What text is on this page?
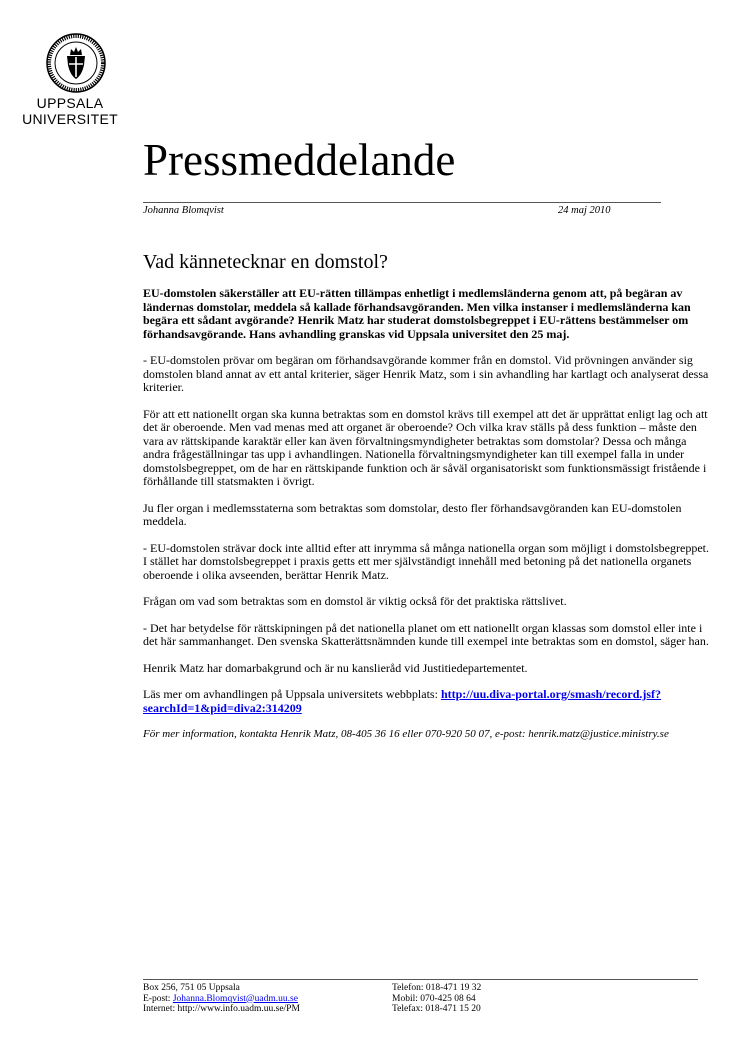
UPPSALA
UNIVERSITET
Pressmeddelande
Johanna Blomqvist	24 maj 2010
Vad kännetecknar en domstol?

EU-domstolen säkerställer att EU-rätten tillämpas enhetligt i medlemsländerna genom att, på begäran av ländernas domstolar, meddela så kallade förhandsavgöranden. Men vilka instanser i medlemsländerna kan begära ett sådant avgörande? Henrik Matz har studerat domstolsbegreppet i EU-rättens bestämmelser om förhandsavgörande. Hans avhandling granskas vid Uppsala universitet den 25 maj.

- EU-domstolen prövar om begäran om förhandsavgörande kommer från en domstol. Vid prövningen använder sig domstolen bland annat av ett antal kriterier, säger Henrik Matz, som i sin avhandling har kartlagt och analyserat dessa kriterier.

För att ett nationellt organ ska kunna betraktas som en domstol krävs till exempel att det är upprättat enligt lag och att det är oberoende. Men vad menas med att organet är oberoende? Och vilka krav ställs på dess funktion – måste den vara av rättskipande karaktär eller kan även förvaltningsmyndigheter betraktas som domstolar? Dessa och många andra frågeställningar tas upp i avhandlingen. Nationella förvaltningsmyndigheter kan till exempel falla in under domstolsbegreppet, om de har en rättskipande funktion och är såväl organisatoriskt som funktionsmässigt fristående i förhållande till statsmakten i övrigt.

Ju fler organ i medlemsstaterna som betraktas som domstolar, desto fler förhandsavgöranden kan EU-domstolen meddela.

- EU-domstolen strävar dock inte alltid efter att inrymma så många nationella organ som möjligt i domstolsbegreppet. I stället har domstolsbegreppet i praxis getts ett mer självständigt innehåll med betoning på det nationella organets oberoende i olika avseenden, berättar Henrik Matz.

Frågan om vad som betraktas som en domstol är viktig också för det praktiska rättslivet.

- Det har betydelse för rättskipningen på det nationella planet om ett nationellt organ klassas som domstol eller inte i det här sammanhanget. Den svenska Skatterättsnämnden kunde till exempel inte betraktas som en domstol, säger han.

Henrik Matz har domarbakgrund och är nu kanslieråd vid Justitiedepartementet.

Läs mer om avhandlingen på Uppsala universitets webbplats: http://uu.diva-portal.org/smash/record.jsf?searchId=1&pid=diva2:314209

För mer information, kontakta Henrik Matz, 08-405 36 16 eller 070-920 50 07, e-post: henrik.matz@justice.ministry.se

Box 256, 751 05 Uppsala
E-post: Johanna.Blomqvist@uadm.uu.se
Internet: http://www.info.uadm.uu.se/PM
Telefon: 018-471 19 32
Mobil: 070-425 08 64
Telefax: 018-471 15 20
